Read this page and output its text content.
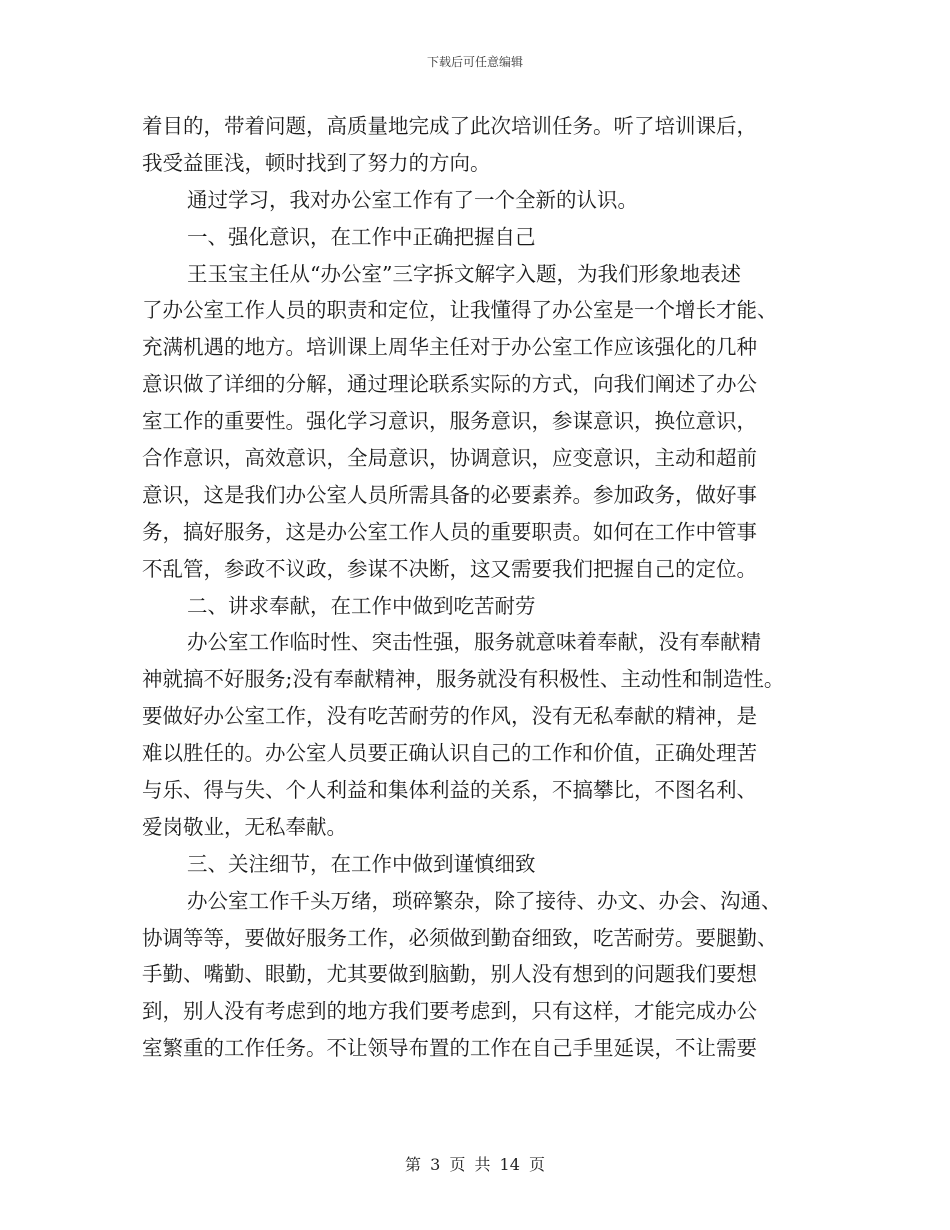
下载后可任意编辑
着目的，带着问题，高质量地完成了此次培训任务。听了培训课后，
我受益匪浅，顿时找到了努力的方向。
通过学习，我对办公室工作有了一个全新的认识。
一、强化意识，在工作中正确把握自己
王玉宝主任从“办公室”三字拆文解字入题，为我们形象地表述
了办公室工作人员的职责和定位，让我懂得了办公室是一个增长才能、
充满机遇的地方。培训课上周华主任对于办公室工作应该强化的几种
意识做了详细的分解，通过理论联系实际的方式，向我们阐述了办公
室工作的重要性。强化学习意识，服务意识，参谋意识，换位意识，
合作意识，高效意识，全局意识，协调意识，应变意识，主动和超前
意识，这是我们办公室人员所需具备的必要素养。参加政务，做好事
务，搞好服务，这是办公室工作人员的重要职责。如何在工作中管事
不乱管，参政不议政，参谋不决断，这又需要我们把握自己的定位。
二、讲求奉献，在工作中做到吃苦耐劳
办公室工作临时性、突击性强，服务就意味着奉献，没有奉献精
神就搞不好服务;没有奉献精神，服务就没有积极性、主动性和制造性。
要做好办公室工作，没有吃苦耐劳的作风，没有无私奉献的精神，是
难以胜任的。办公室人员要正确认识自己的工作和价值，正确处理苦
与乐、得与失、个人利益和集体利益的关系，不搞攀比，不图名利、
爱岗敬业，无私奉献。
三、关注细节，在工作中做到谨慎细致
办公室工作千头万绪，琐碎繁杂，除了接待、办文、办会、沟通、
协调等等，要做好服务工作，必须做到勤奋细致，吃苦耐劳。要腿勤、
手勤、嘴勤、眼勤，尤其要做到脑勤，别人没有想到的问题我们要想
到，别人没有考虑到的地方我们要考虑到，只有这样，才能完成办公
室繁重的工作任务。不让领导布置的工作在自己手里延误，不让需要
第 3 页 共 14 页
